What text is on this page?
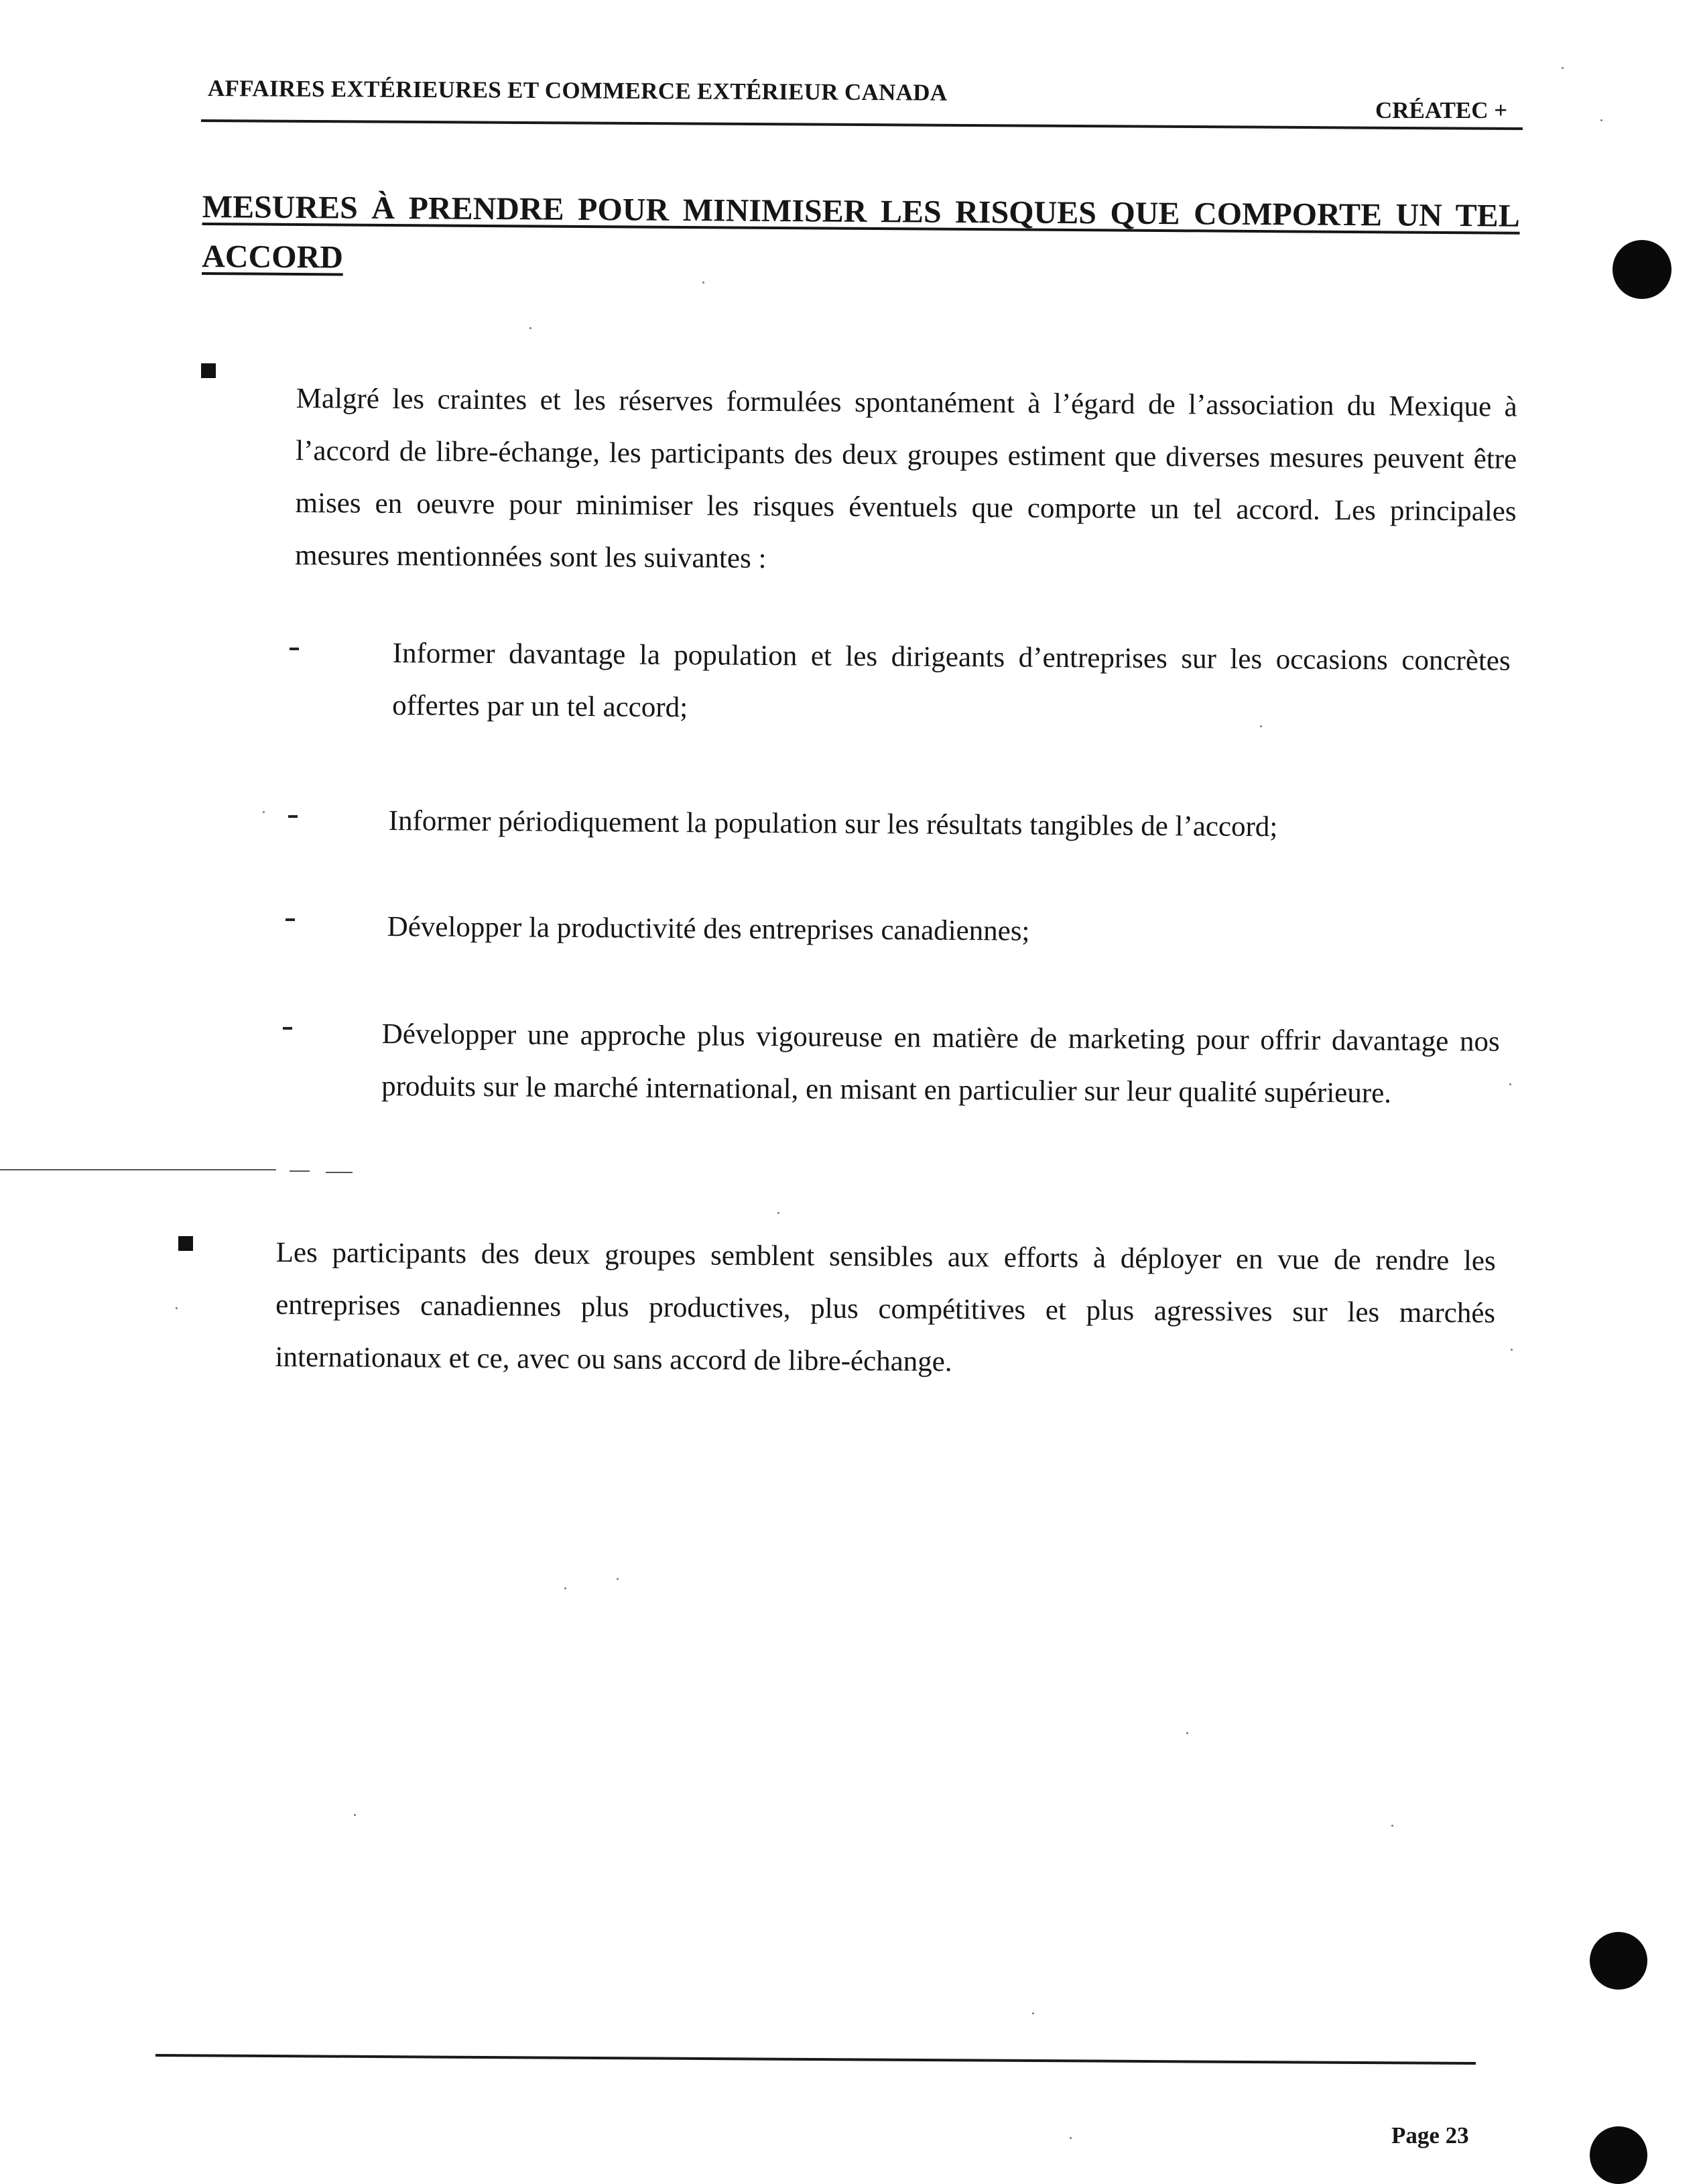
AFFAIRES EXTÉRIEURES ET COMMERCE EXTÉRIEUR CANADA
CRÉATEC +
MESURES À PRENDRE POUR MINIMISER LES RISQUES QUE COMPORTE UN TEL ACCORD
Malgré les craintes et les réserves formulées spontanément à l’égard de l’association du Mexique à l’accord de libre-échange, les participants des deux groupes estiment que diverses mesures peuvent être mises en oeuvre pour minimiser les risques éventuels que comporte un tel accord. Les principales mesures mentionnées sont les suivantes :
Informer davantage la population et les dirigeants d’entreprises sur les occasions concrètes offertes par un tel accord;
Informer périodiquement la population sur les résultats tangibles de l’accord;
Développer la productivité des entreprises canadiennes;
Développer une approche plus vigoureuse en matière de marketing pour offrir davantage nos produits sur le marché international, en misant en particulier sur leur qualité supérieure.
Les participants des deux groupes semblent sensibles aux efforts à déployer en vue de rendre les entreprises canadiennes plus productives, plus compétitives et plus agressives sur les marchés internationaux et ce, avec ou sans accord de libre-échange.
Page 23
